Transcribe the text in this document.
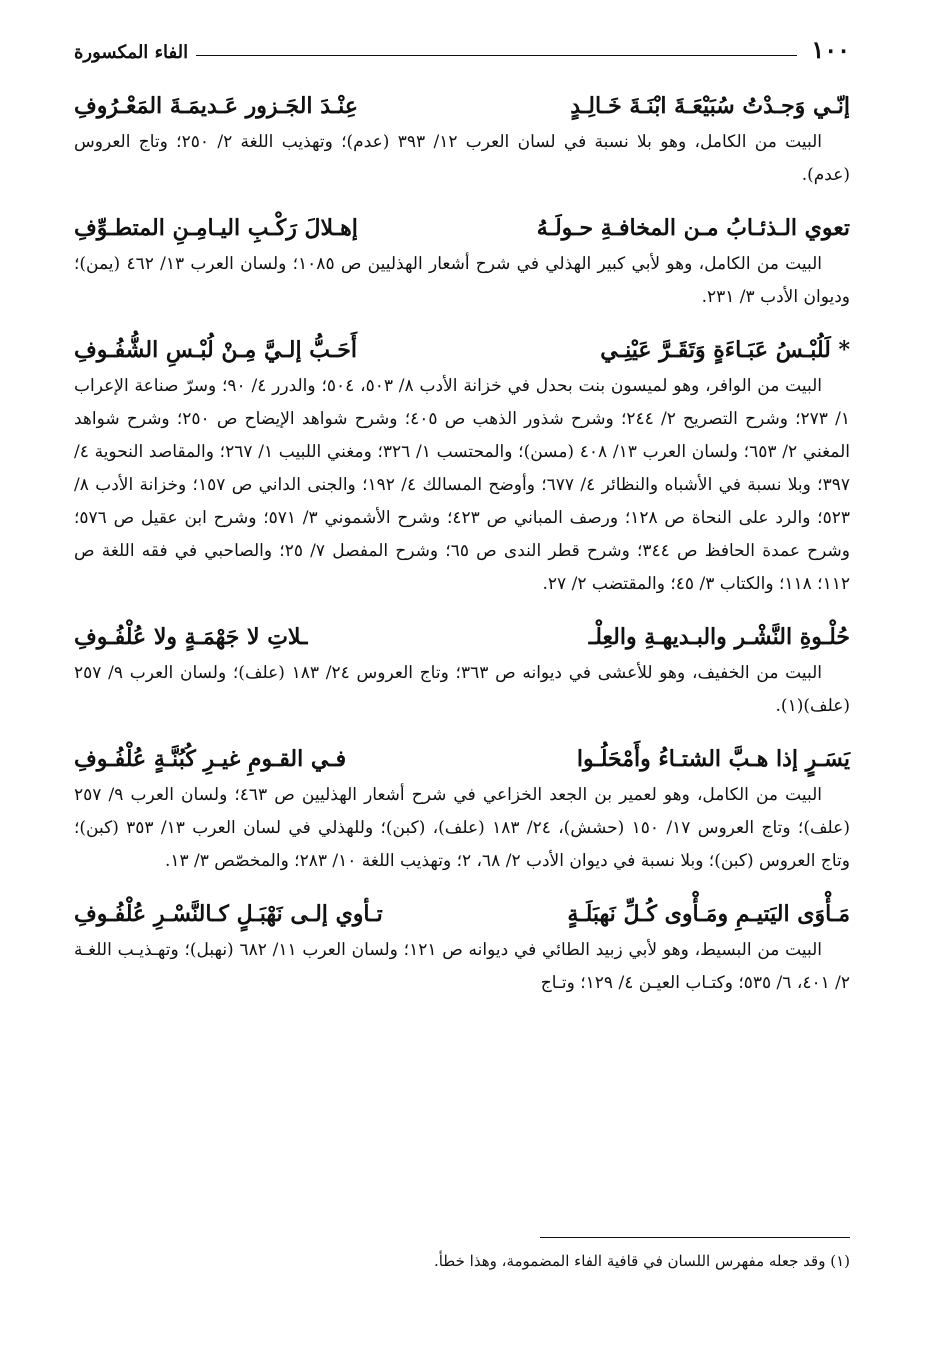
١٠٠
الفاء المكسورة
إنّـي وَجـدْتُ سُبَيْعَـةَ ابْنَـةَ خَـالِـدٍ
عِنْـدَ الجَـزور عَـديمَـةَ المَعْـرُوفِ

البيت من الكامل، وهو بلا نسبة في لسان العرب ١٢/ ٣٩٣ (عدم)؛ وتهذيب اللغة ٢/ ٢٥٠؛ وتاج العروس (عدم).

تعوي الـذئـابُ مـن المخافـةِ حـولَـهُ
إهـلالَ رَكْـبِ اليـامِـنِ المتطـوِّفِ

البيت من الكامل، وهو لأبي كبير الهذلي في شرح أشعار الهذليين ص ١٠٨٥؛ ولسان العرب ١٣/ ٤٦٢ (يمن)؛ وديوان الأدب ٣/ ٢٣١.

* لَلُبْـسُ عَبَـاءَةٍ وَتَقَـرَّ عَيْنِـي
أَحَـبُّ إلـيَّ مِـنْ لُبْـسِ الشُّفُـوفِ

البيت من الوافر، وهو لميسون بنت بحدل في خزانة الأدب ٨/ ٥٠٣، ٥٠٤؛ والدرر ٤/ ٩٠؛ وسرّ صناعة الإعراب ١/ ٢٧٣؛ وشرح التصريح ٢/ ٢٤٤؛ وشرح شذور الذهب ص ٤٠٥؛ وشرح شواهد الإيضاح ص ٢٥٠؛ وشرح شواهد المغني ٢/ ٦٥٣؛ ولسان العرب ١٣/ ٤٠٨ (مسن)؛ والمحتسب ١/ ٣٢٦؛ ومغني اللبيب ١/ ٢٦٧؛ والمقاصد النحوية ٤/ ٣٩٧؛ وبلا نسبة في الأشباه والنظائر ٤/ ٦٧٧؛ وأوضح المسالك ٤/ ١٩٢؛ والجنى الداني ص ١٥٧؛ وخزانة الأدب ٨/ ٥٢٣؛ والرد على النحاة ص ١٢٨؛ ورصف المباني ص ٤٢٣؛ وشرح الأشموني ٣/ ٥٧١؛ وشرح ابن عقيل ص ٥٧٦؛ وشرح عمدة الحافظ ص ٣٤٤؛ وشرح قطر الندى ص ٦٥؛ وشرح المفصل ٧/ ٢٥؛ والصاحبي في فقه اللغة ص ١١٢؛ ١١٨؛ والكتاب ٣/ ٤٥؛ والمقتضب ٢/ ٢٧.

حُلْـوةِ النَّشْـر والبـديهـةِ والعِلْـ
ـلاتِ لا جَهْمَـةٍ ولا عُلْفُـوفِ

البيت من الخفيف، وهو للأعشى في ديوانه ص ٣٦٣؛ وتاج العروس ٢٤/ ١٨٣ (علف)؛ ولسان العرب ٩/ ٢٥٧ (علف)(١).

يَسَـرٍ إذا هـبَّ الشتـاءُ وأَمْحَلُـوا
فـي القـومِ غيـرِ كُبُنَّـةٍ عُلْفُـوفِ

البيت من الكامل، وهو لعمير بن الجعد الخزاعي في شرح أشعار الهذليين ص ٤٦٣؛ ولسان العرب ٩/ ٢٥٧ (علف)؛ وتاج العروس ١٧/ ١٥٠ (حشش)، ٢٤/ ١٨٣ (علف)، (كبن)؛ وللهذلي في لسان العرب ١٣/ ٣٥٣ (كبن)؛ وتاج العروس (كبن)؛ وبلا نسبة في ديوان الأدب ٢/ ٦٨، ٢؛ وتهذيب اللغة ١٠/ ٢٨٣؛ والمخصّص ٣/ ١٣.

مَـأْوَى اليَتيـمِ ومَـأْوى كُـلِّ نَهبَلَـةٍ
تـأوي إلـى نَهْبَـلٍ كـالنَّسْـرِ عُلْفُـوفِ

البيت من البسيط، وهو لأبي زبيد الطائي في ديوانه ص ١٢١؛ ولسان العرب ١١/ ٦٨٢ (نهبل)؛ وتهـذيـب اللغـة ٢/ ٤٠١، ٦/ ٥٣٥؛ وكتـاب العيـن ٤/ ١٢٩؛ وتـاج

(١) وقد جعله مفهرس اللسان في قافية الفاء المضمومة، وهذا خطأ.
